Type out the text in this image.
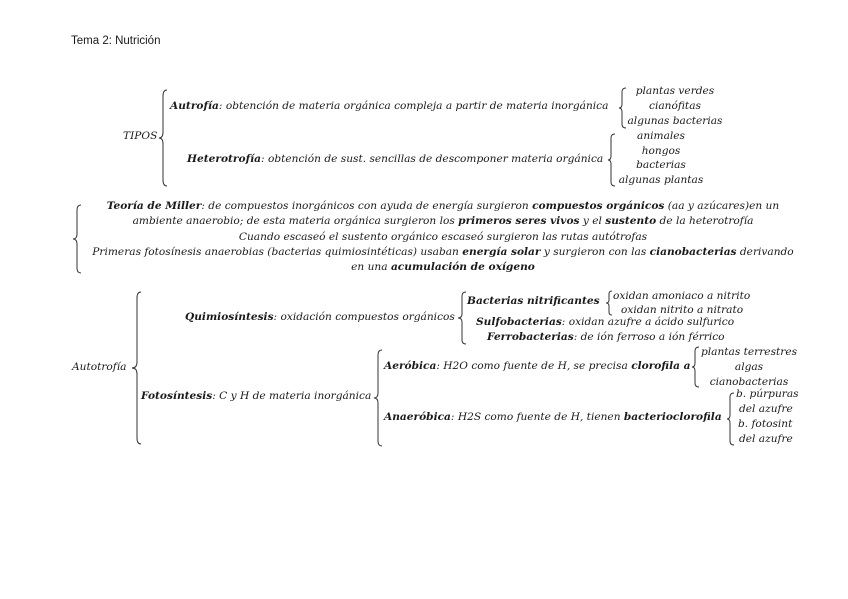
Tema 2: Nutrición
TIPOS
Autrofía: obtención de materia orgánica compleja a partir de materia inorgánica
plantas verdes
cianófitas
algunas bacterias
Heterotrofía: obtención de sust. sencillas de descomponer materia orgánica
animales
hongos
bacterias
algunas plantas
Teoría de Miller: de compuestos inorgánicos con ayuda de energía surgieron compuestos orgánicos (aa y azúcares)en un
ambiente anaerobio; de esta materia orgánica surgieron los primeros seres vivos y el sustento de la heterotrofía
Cuando escaseó el sustento orgánico escaseó surgieron las rutas autótrofas
Primeras fotosínesis anaerobias (bacterias quimiosintéticas) usaban energía solar y surgieron con las cianobacterias derivando
en una acumulación de oxígeno
Autotrofía
Quimiosíntesis: oxidación compuestos orgánicos
Bacterias nitrificantes oxidan amoniaco a nitrito
oxidan nitrito a nitrato
Sulfobacterias: oxidan azufre a ácido sulfurico
Ferrobacterias: de ión ferroso a ión férrico
Fotosíntesis: C y H de materia inorgánica
Aeróbica: H2O como fuente de H, se precisa clorofila a
plantas terrestres
algas
cianobacterias
Anaeróbica: H2S como fuente de H, tienen bacterioclorofila
b. púrpuras
del azufre
b. fotosint
del azufre
